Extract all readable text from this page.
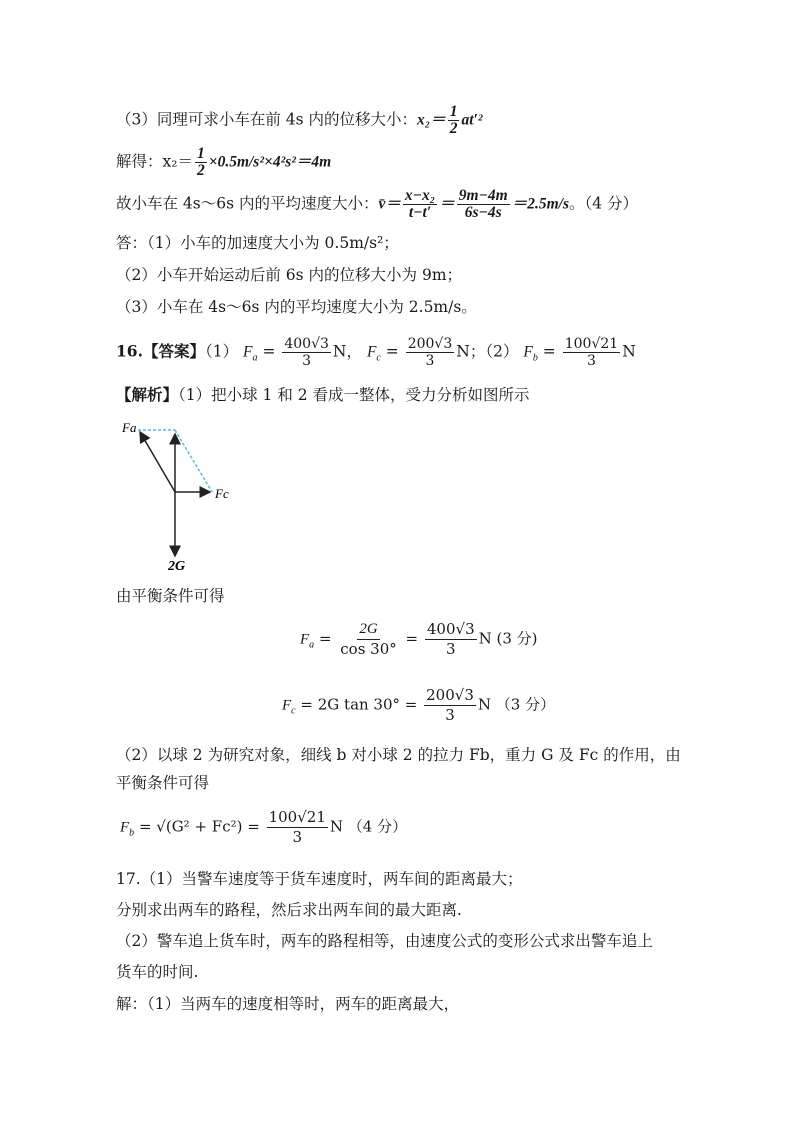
（3）同理可求小车在前 4s 内的位移大小：$x_2= \frac{1}{2} at'^2$
解得：$x_2= \frac{1}{2} \times 0.5m/s^2\times 4^2s^2=4m$
故小车在 4s～6s 内的平均速度大小：v̄＝ $\frac{\text{x−x₂}}{t-t'} = \frac{9m-4m}{6s-4s} =2.5m/s$。（4 分）
答：（1）小车的加速度大小为 0.5m/s²；
（2）小车开始运动后前 6s 内的位移大小为 9m；
（3）小车在 4s～6s 内的平均速度大小为 2.5m/s。
16.【答案】（1） $F_a = \frac{400√3}{3}$ N， $F_c = \frac{200√3}{3}$ N；（2） $F_b = \frac{100√21}{3}$ N
【解析】（1）把小球 1 和 2 看成一整体，受力分析如图所示
Fa
Fc
2G
由平衡条件可得
$F_a = \frac{2G}{\cos 30^\circ} = \frac{400√3}{3}$ N (3 分)
$F_c = 2G$ $\tan 30^\circ = \frac{200√3}{3}$ N （3 分）
（2）以球 2 为研究对象，细线 b 对小球 2 的拉力 Fb，重力 G 及 Fc 的作用，由
平衡条件可得
$F_b = √(G^2 + Fc^2) = \frac{100√21}{3}$ N （4 分）
17.（1）当警车速度等于货车速度时，两车间的距离最大；
分别求出两车的路程，然后求出两车间的最大距离.
（2）警车追上货车时，两车的路程相等，由速度公式的变形公式求出警车追上
货车的时间.
解：（1）当两车的速度相等时，两车的距离最大，
